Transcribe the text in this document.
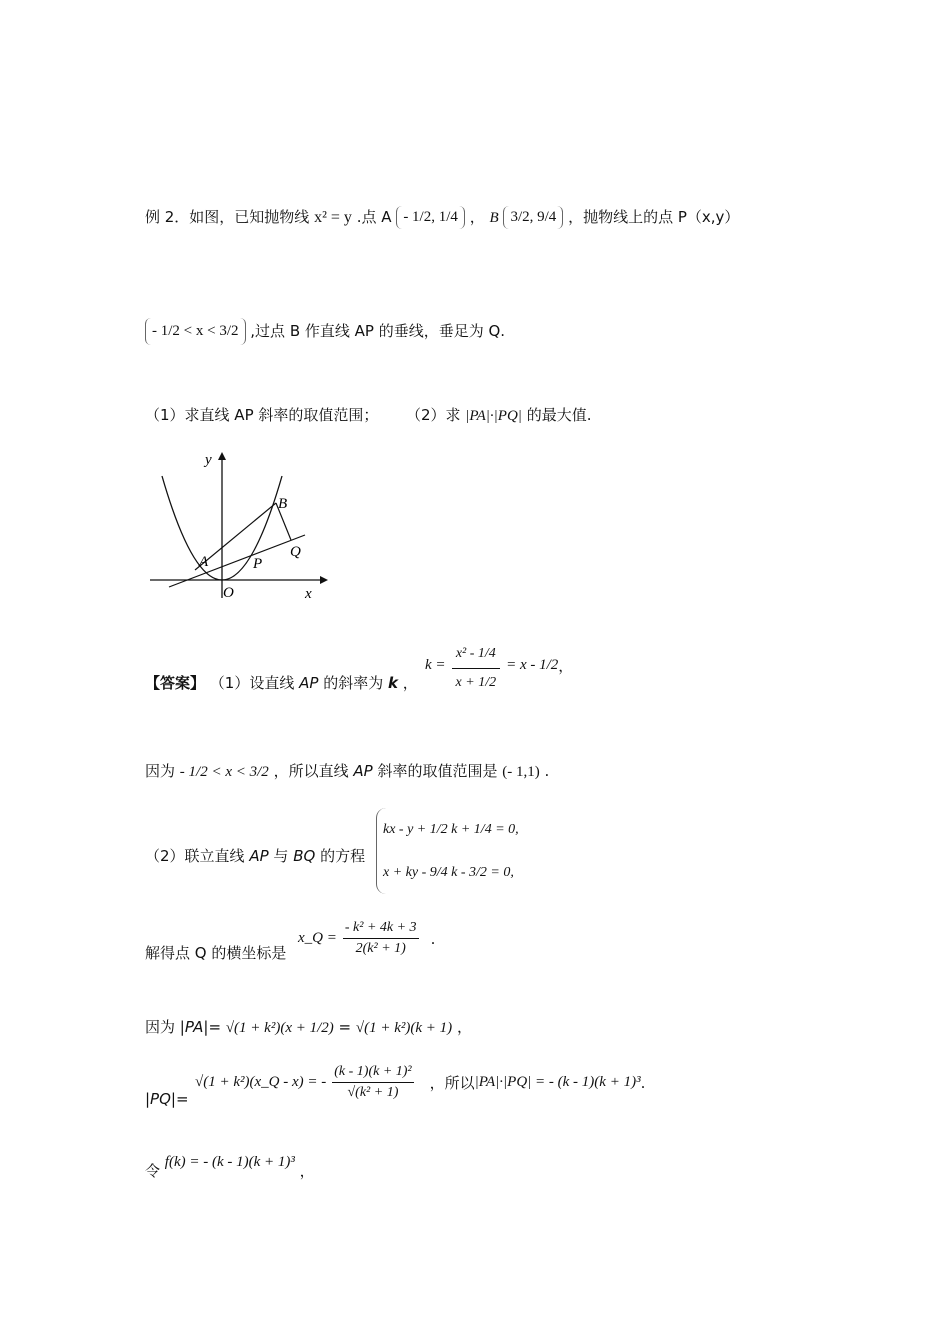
例 2．如图，已知抛物线 x² = y .点 A - 1/2, 1/4 ， B 3/2, 9/4 ，抛物线上的点 P（x,y）
- 1/2 < x < 3/2 ,过点 B 作直线 AP 的垂线，垂足为 Q.
（1）求直线 AP 斜率的取值范围； （2）求 |PA|·|PQ| 的最大值.
y
x
A
B
P
Q
O
【答案】 （1）设直线 AP 的斜率为 k ，
$k = \frac{\text{x² - 1/4}}{x + 1/2} = x - 1/2$ ，
因为 - 1/2 < x < 3/2 ，所以直线 AP 斜率的取值范围是 (- 1,1) .
（2）联立直线 AP 与 BQ 的方程
kx - y + 1/2 k + 1/4 = 0,
x + ky - 9/4 k - 3/2 = 0,
解得点 Q 的横坐标是
x_Q = $\frac{\text{- k² + 4k + 3}}{\text{2(k² + 1)}}$ .
因为 |PA|= √(1 + k²)(x + 1/2) = √(1 + k²)(k + 1) ，
|PQ|=
√(1 + k²)(x_Q - x) = - $\frac{\text{(k - 1)(k + 1)²}}{\text{√(k² + 1)}}$ ，所以 |PA|·|PQ| = - (k - 1)(k + 1)³ .
令 f(k) = - (k - 1)(k + 1)³ ，
